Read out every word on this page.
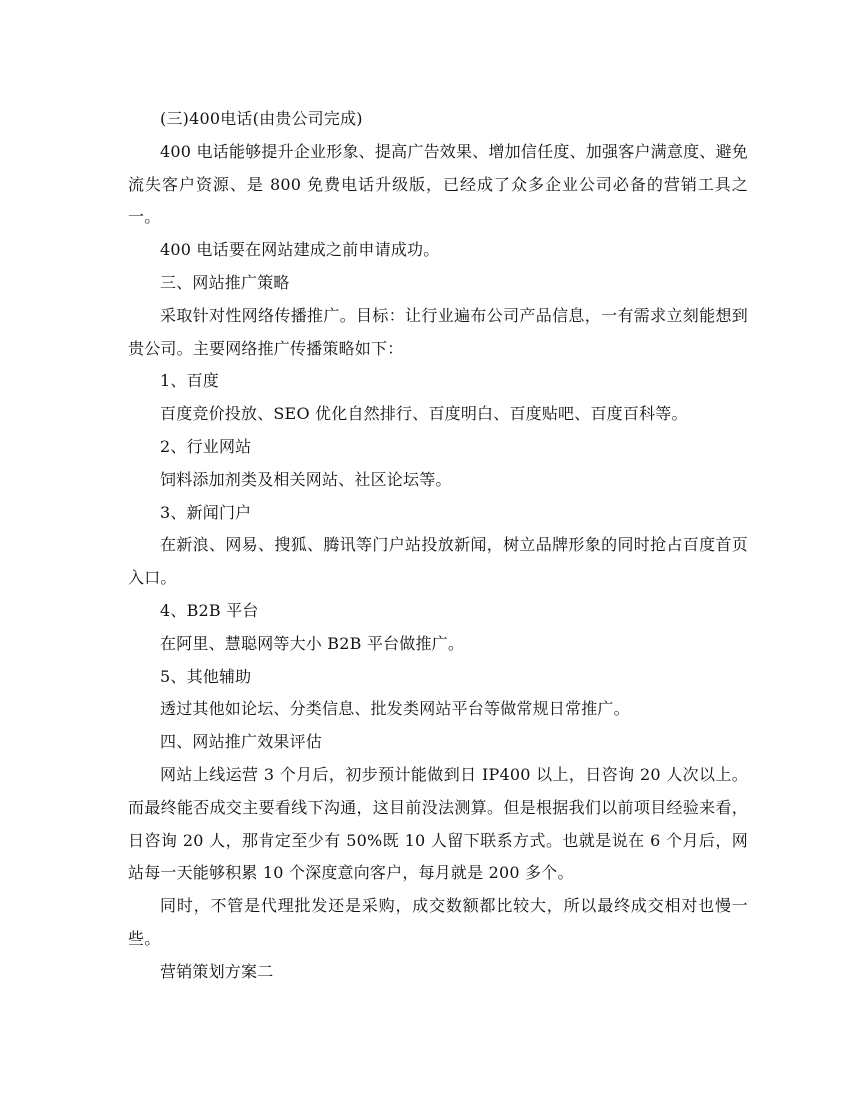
(三)400电话(由贵公司完成)

400 电话能够提升企业形象、提高广告效果、增加信任度、加强客户满意度、避免流失客户资源、是 800 免费电话升级版，已经成了众多企业公司必备的营销工具之一。

400 电话要在网站建成之前申请成功。

三、网站推广策略

采取针对性网络传播推广。目标：让行业遍布公司产品信息，一有需求立刻能想到贵公司。主要网络推广传播策略如下：

1、百度

百度竞价投放、SEO 优化自然排行、百度明白、百度贴吧、百度百科等。

2、行业网站

饲料添加剂类及相关网站、社区论坛等。

3、新闻门户

在新浪、网易、搜狐、腾讯等门户站投放新闻，树立品牌形象的同时抢占百度首页入口。

4、B2B 平台

在阿里、慧聪网等大小 B2B 平台做推广。

5、其他辅助

透过其他如论坛、分类信息、批发类网站平台等做常规日常推广。

四、网站推广效果评估

网站上线运营 3 个月后，初步预计能做到日 IP400 以上，日咨询 20 人次以上。而最终能否成交主要看线下沟通，这目前没法测算。但是根据我们以前项目经验来看，日咨询 20 人，那肯定至少有 50%既 10 人留下联系方式。也就是说在 6 个月后，网站每一天能够积累 10 个深度意向客户，每月就是 200 多个。

同时，不管是代理批发还是采购，成交数额都比较大，所以最终成交相对也慢一些。

营销策划方案二
